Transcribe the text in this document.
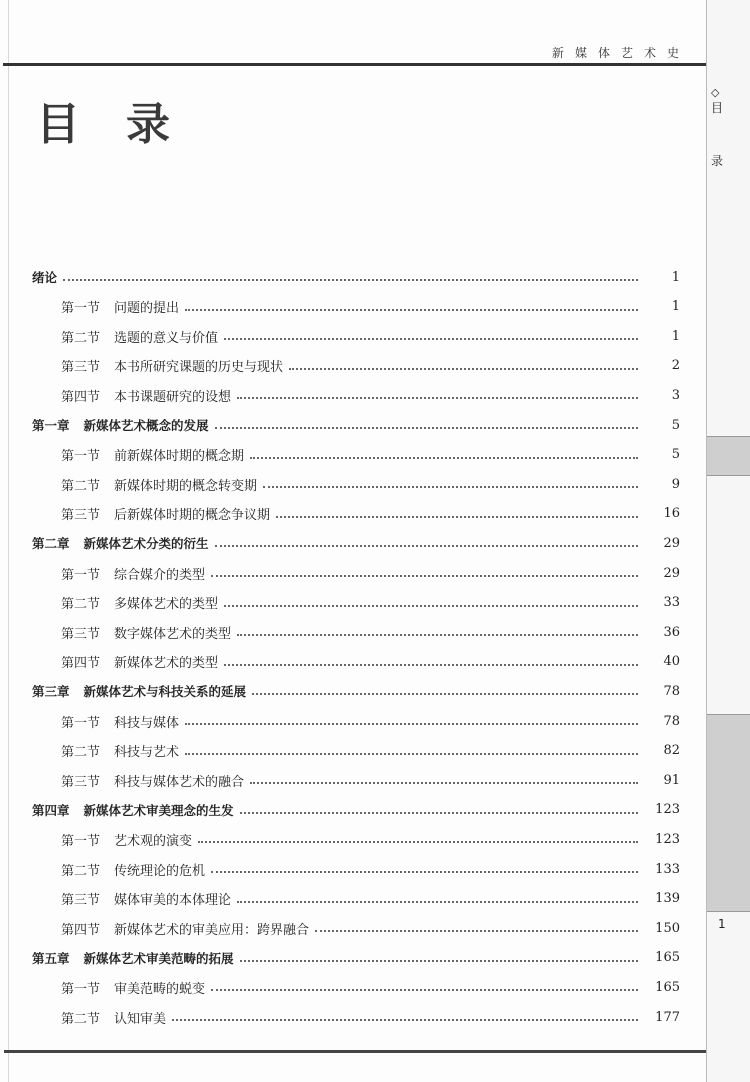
新媒体艺术史
目录
绪论	1
第一节 问题的提出	1
第二节 选题的意义与价值	1
第三节 本书所研究课题的历史与现状	2
第四节 本书课题研究的设想	3
第一章 新媒体艺术概念的发展	5
第一节 前新媒体时期的概念期	5
第二节 新媒体时期的概念转变期	9
第三节 后新媒体时期的概念争议期	16
第二章 新媒体艺术分类的衍生	29
第一节 综合媒介的类型	29
第二节 多媒体艺术的类型	33
第三节 数字媒体艺术的类型	36
第四节 新媒体艺术的类型	40
第三章 新媒体艺术与科技关系的延展	78
第一节 科技与媒体	78
第二节 科技与艺术	82
第三节 科技与媒体艺术的融合	91
第四章 新媒体艺术审美理念的生发	123
第一节 艺术观的演变	123
第二节 传统理论的危机	133
第三节 媒体审美的本体理论	139
第四节 新媒体艺术的审美应用：跨界融合	150
第五章 新媒体艺术审美范畴的拓展	165
第一节 审美范畴的蜕变	165
第二节 认知审美	177
◇
目
录
1
